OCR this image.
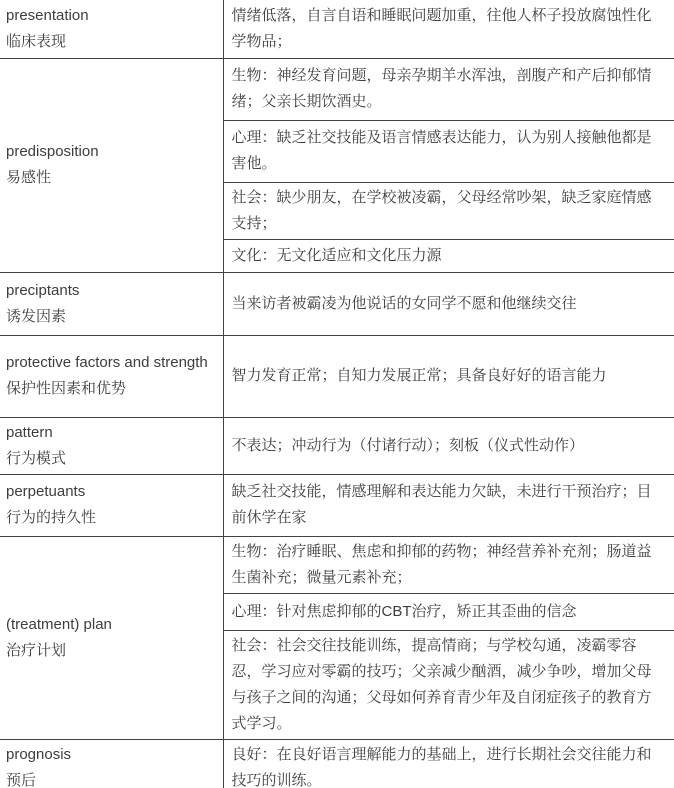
presentation
临床表现	情绪低落，自言自语和睡眠问题加重，往他人杯子投放腐蚀性化学物品；

predisposition
易感性	生物：神经发育问题，母亲孕期羊水浑浊，剖腹产和产后抑郁情绪；父亲长期饮酒史。
	心理：缺乏社交技能及语言情感表达能力，认为别人接触他都是害他。
	社会：缺少朋友，在学校被凌霸，父母经常吵架，缺乏家庭情感支持；
	文化：无文化适应和文化压力源

preciptants
诱发因素	当来访者被霸凌为他说话的女同学不愿和他继续交往

protective factors and strength
保护性因素和优势	智力发育正常；自知力发展正常；具备良好好的语言能力

pattern
行为模式	不表达；冲动行为（付诸行动）；刻板（仪式性动作）

perpetuants
行为的持久性	缺乏社交技能，情感理解和表达能力欠缺，未进行干预治疗；目前休学在家

(treatment) plan
治疗计划	生物：治疗睡眠、焦虑和抑郁的药物；神经营养补充剂；肠道益生菌补充；微量元素补充；
	心理：针对焦虑抑郁的CBT治疗，矫正其歪曲的信念
	社会：社会交往技能训练，提高情商；与学校勾通，凌霸零容忍，学习应对零霸的技巧；父亲减少酗酒，减少争吵，增加父母与孩子之间的沟通；父母如何养育青少年及自闭症孩子的教育方式学习。

prognosis
预后	良好：在良好语言理解能力的基础上，进行长期社会交往能力和技巧的训练。
